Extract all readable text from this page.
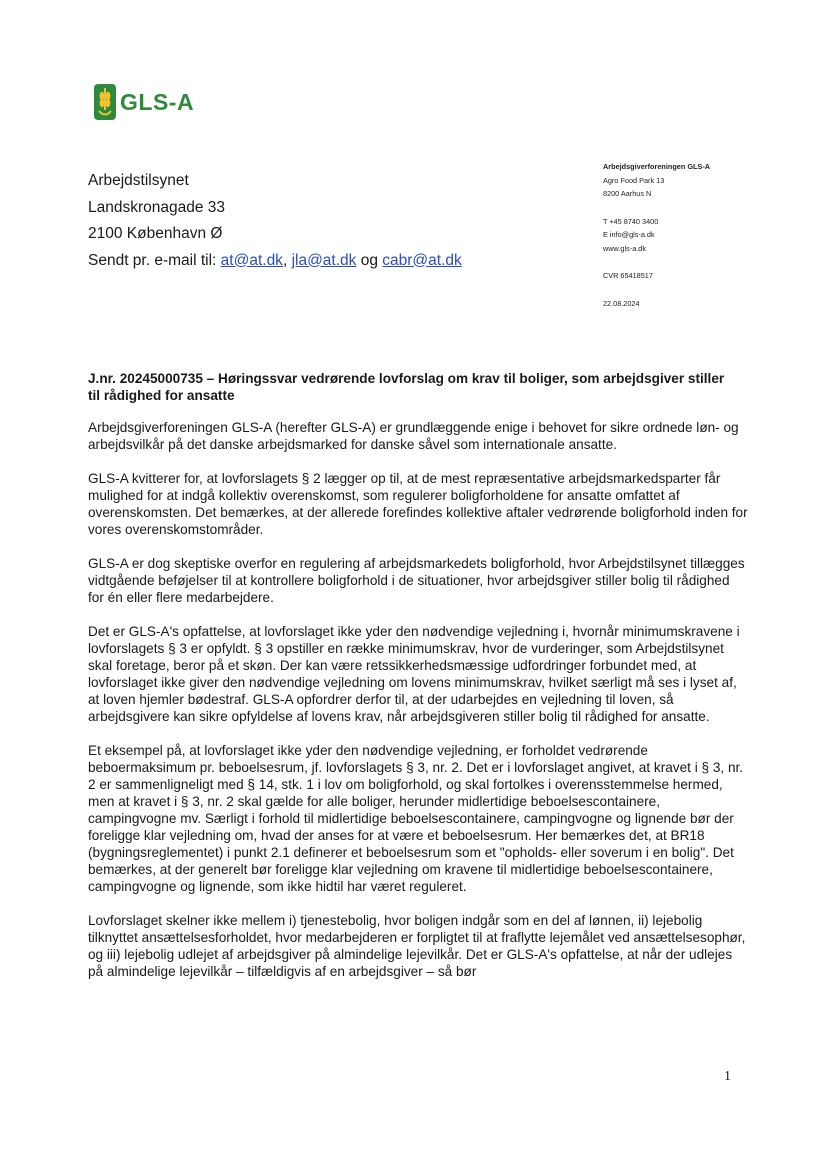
GLS-A
Arbejdstilsynet
Landskronagade 33
2100 København Ø
Sendt pr. e-mail til: at@at.dk, jla@at.dk og cabr@at.dk
Arbejdsgiverforeningen GLS-A
Agro Food Park 13
8200 Aarhus N
T +45 8740 3400
E info@gls-a.dk
www.gls-a.dk
CVR 65418517
22.08.2024
J.nr. 20245000735 – Høringssvar vedrørende lovforslag om krav til boliger, som arbejdsgiver stiller til rådighed for ansatte

Arbejdsgiverforeningen GLS-A (herefter GLS-A) er grundlæggende enige i behovet for sikre ordnede løn- og arbejdsvilkår på det danske arbejdsmarked for danske såvel som internationale ansatte.

GLS-A kvitterer for, at lovforslagets § 2 lægger op til, at de mest repræsentative arbejdsmarkedsparter får mulighed for at indgå kollektiv overenskomst, som regulerer boligforholdene for ansatte omfattet af overenskomsten. Det bemærkes, at der allerede forefindes kollektive aftaler vedrørende boligforhold inden for vores overenskomstområder.

GLS-A er dog skeptiske overfor en regulering af arbejdsmarkedets boligforhold, hvor Arbejdstilsynet tillægges vidtgående beføjelser til at kontrollere boligforhold i de situationer, hvor arbejdsgiver stiller bolig til rådighed for én eller flere medarbejdere.

Det er GLS-A's opfattelse, at lovforslaget ikke yder den nødvendige vejledning i, hvornår minimumskravene i lovforslagets § 3 er opfyldt. § 3 opstiller en række minimumskrav, hvor de vurderinger, som Arbejdstilsynet skal foretage, beror på et skøn. Der kan være retssikkerhedsmæssige udfordringer forbundet med, at lovforslaget ikke giver den nødvendige vejledning om lovens minimumskrav, hvilket særligt må ses i lyset af, at loven hjemler bødestraf. GLS-A opfordrer derfor til, at der udarbejdes en vejledning til loven, så arbejdsgivere kan sikre opfyldelse af lovens krav, når arbejdsgiveren stiller bolig til rådighed for ansatte.

Et eksempel på, at lovforslaget ikke yder den nødvendige vejledning, er forholdet vedrørende beboermaksimum pr. beboelsesrum, jf. lovforslagets § 3, nr. 2. Det er i lovforslaget angivet, at kravet i § 3, nr. 2 er sammenligneligt med § 14, stk. 1 i lov om boligforhold, og skal fortolkes i overensstemmelse hermed, men at kravet i § 3, nr. 2 skal gælde for alle boliger, herunder midlertidige beboelsescontainere, campingvogne mv. Særligt i forhold til midlertidige beboelsescontainere, campingvogne og lignende bør der foreligge klar vejledning om, hvad der anses for at være et beboelsesrum. Her bemærkes det, at BR18 (bygningsreglementet) i punkt 2.1 definerer et beboelsesrum som et "opholds- eller soverum i en bolig". Det bemærkes, at der generelt bør foreligge klar vejledning om kravene til midlertidige beboelsescontainere, campingvogne og lignende, som ikke hidtil har været reguleret.

Lovforslaget skelner ikke mellem i) tjenestebolig, hvor boligen indgår som en del af lønnen, ii) lejebolig tilknyttet ansættelsesforholdet, hvor medarbejderen er forpligtet til at fraflytte lejemålet ved ansættelsesophør, og iii) lejebolig udlejet af arbejdsgiver på almindelige lejevilkår. Det er GLS-A's opfattelse, at når der udlejes på almindelige lejevilkår – tilfældigvis af en arbejdsgiver – så bør

1
